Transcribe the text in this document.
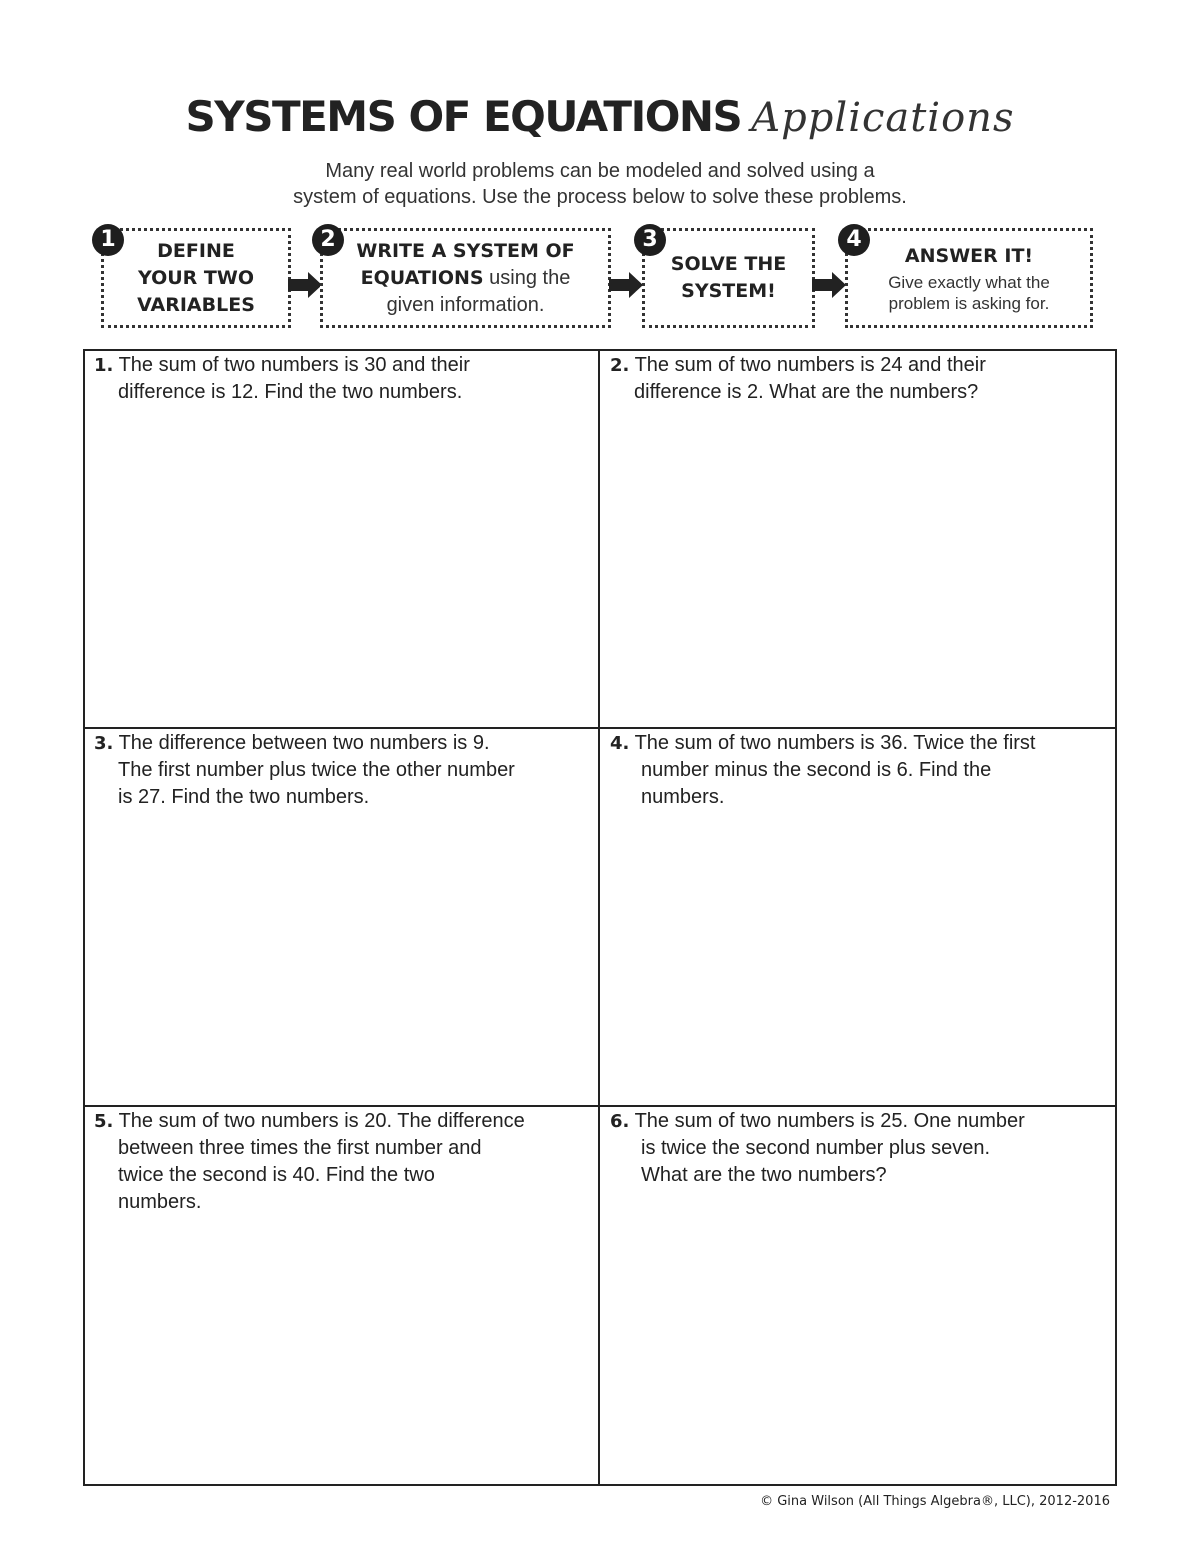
SYSTEMS OF EQUATIONS Applications
Many real world problems can be modeled and solved using a
system of equations. Use the process below to solve these problems.
DEFINE
YOUR TWO
VARIABLES
1	WRITE A SYSTEM OF
EQUATIONS using the
given information.
2
SOLVE THE
SYSTEM!
3
ANSWER IT!
Give exactly what the
problem is asking for.
4
1. The sum of two numbers is 30 and their
difference is 12. Find the two numbers.
2. The sum of two numbers is 24 and their
difference is 2. What are the numbers?
3. The difference between two numbers is 9.
The first number plus twice the other number
is 27. Find the two numbers.
4. The sum of two numbers is 36. Twice the first
number minus the second is 6. Find the
numbers.
5. The sum of two numbers is 20. The difference
between three times the first number and
twice the second is 40. Find the two
numbers.
6. The sum of two numbers is 25. One number
is twice the second number plus seven.
What are the two numbers?
© Gina Wilson (All Things Algebra®, LLC), 2012-2016
